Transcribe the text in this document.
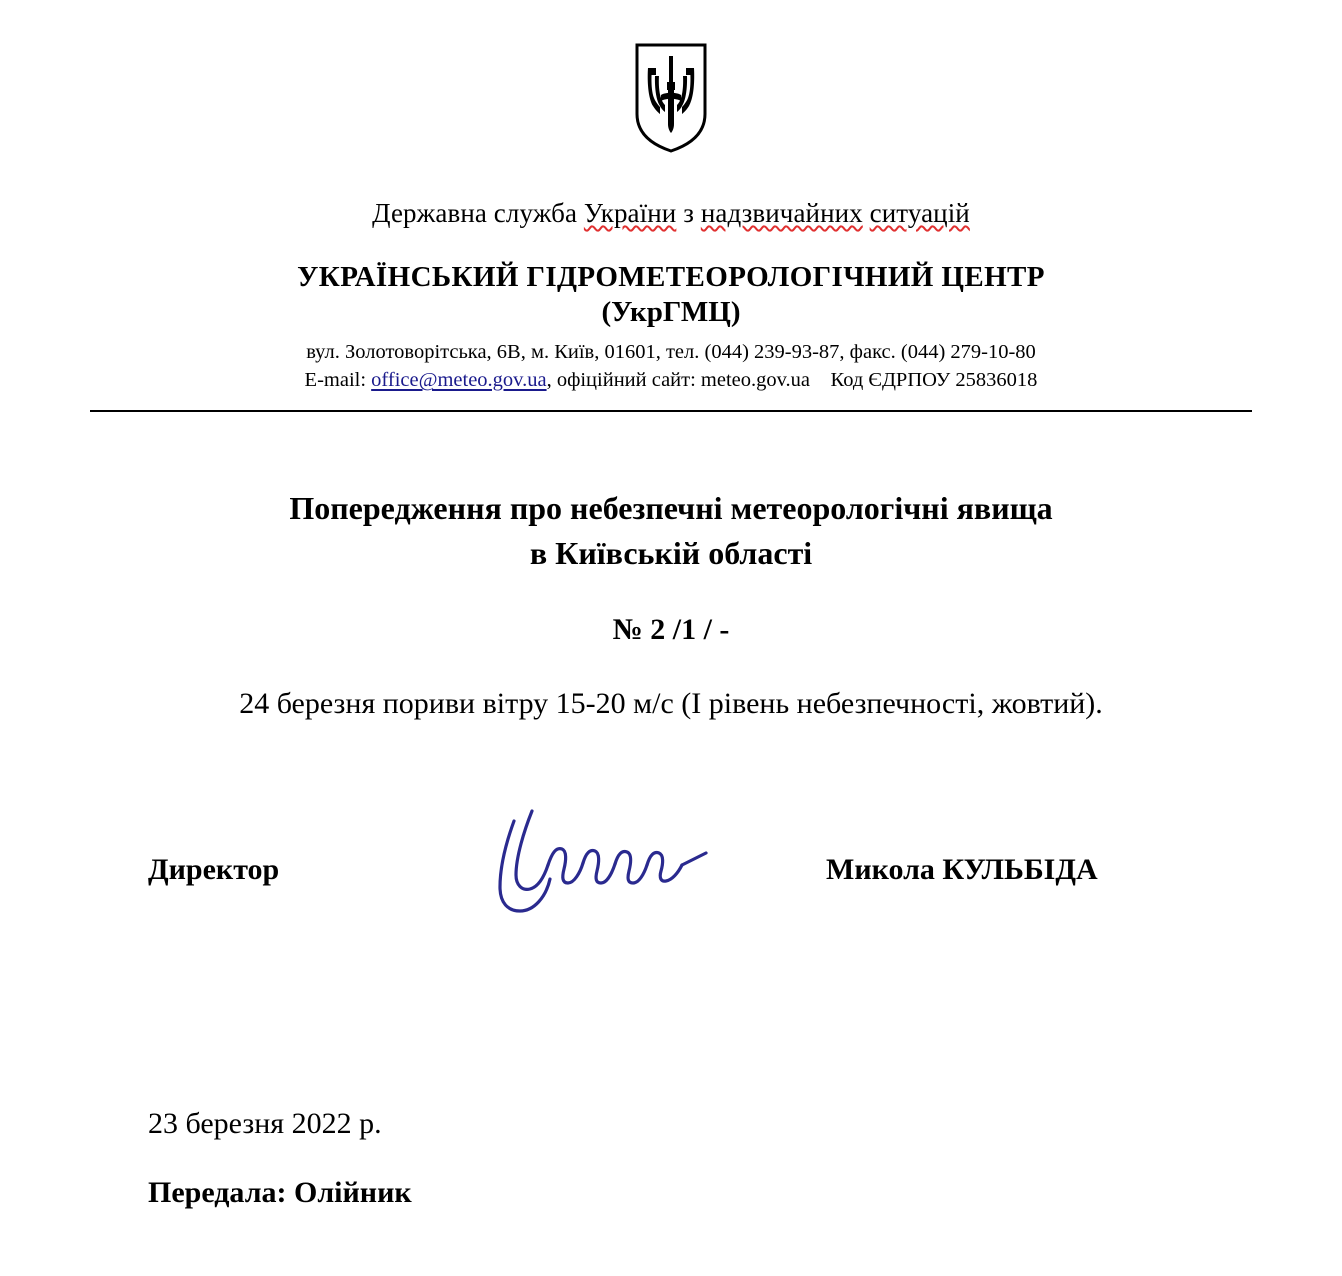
Державна служба України з надзвичайних ситуацій
УКРАЇНСЬКИЙ ГІДРОМЕТЕОРОЛОГІЧНИЙ ЦЕНТР
(УкрГМЦ)
вул. Золотоворітська, 6В, м. Київ, 01601, тел. (044) 239-93-87, факс. (044) 279-10-80
E-mail: office@meteo.gov.ua, офіційний сайт: meteo.gov.ua Код ЄДРПОУ 25836018
Попередження про небезпечні метеорологічні явища
в Київській області
№ 2 /1 / -
24 березня пориви вітру 15-20 м/с (І рівень небезпечності, жовтий).
Директор	Микола КУЛЬБІДА
23 березня 2022 р.
Передала: Олійник
